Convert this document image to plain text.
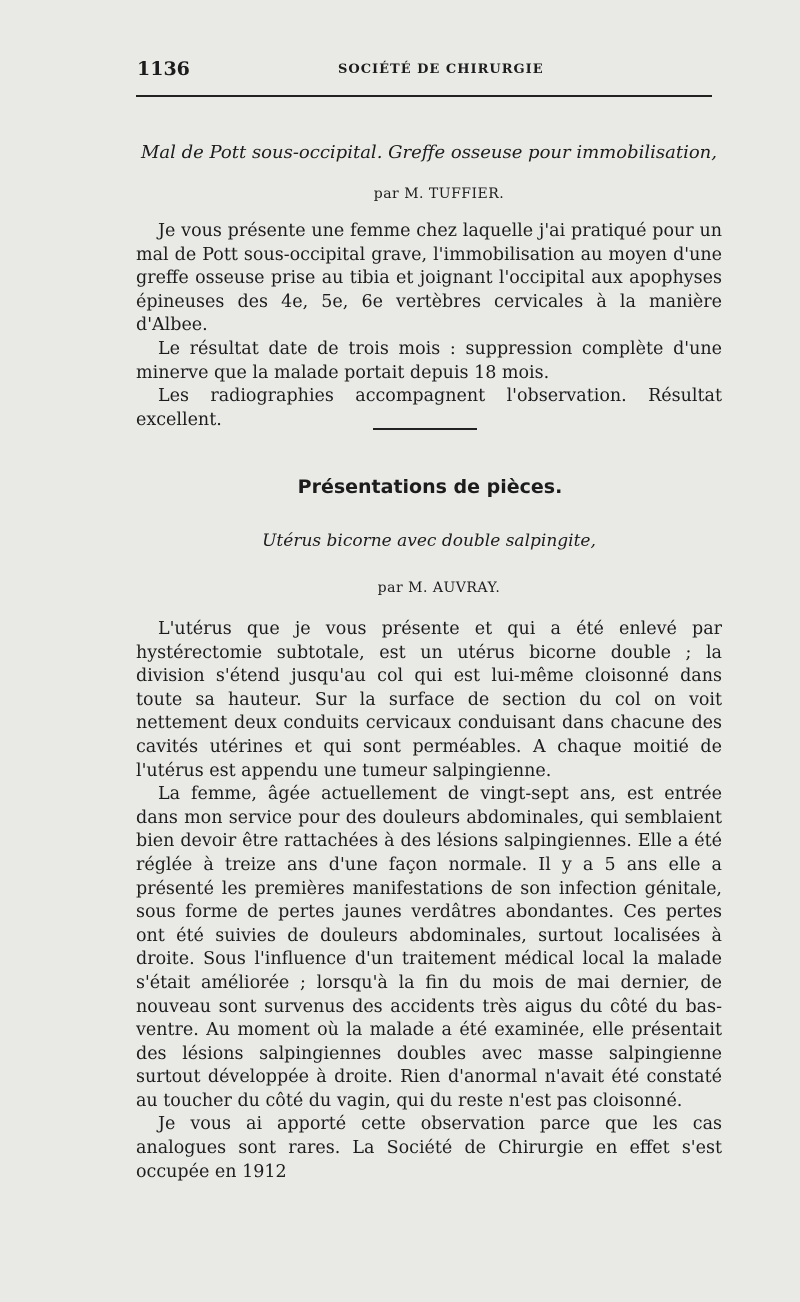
1136	SOCIÉTÉ DE CHIRURGIE

Mal de Pott sous-occipital. Greffe osseuse pour immobilisation,

par M. TUFFIER.

Je vous présente une femme chez laquelle j'ai pratiqué pour un mal de Pott sous-occipital grave, l'immobilisation au moyen d'une greffe osseuse prise au tibia et joignant l'occipital aux apophyses épineuses des 4e, 5e, 6e vertèbres cervicales à la manière d'Albee.

Le résultat date de trois mois : suppression complète d'une minerve que la malade portait depuis 18 mois.

Les radiographies accompagnent l'observation. Résultat excellent.

Présentations de pièces.

Utérus bicorne avec double salpingite,

par M. AUVRAY.

L'utérus que je vous présente et qui a été enlevé par hystérectomie subtotale, est un utérus bicorne double ; la division s'étend jusqu'au col qui est lui-même cloisonné dans toute sa hauteur. Sur la surface de section du col on voit nettement deux conduits cervicaux conduisant dans chacune des cavités utérines et qui sont perméables. A chaque moitié de l'utérus est appendu une tumeur salpingienne.

La femme, âgée actuellement de vingt-sept ans, est entrée dans mon service pour des douleurs abdominales, qui semblaient bien devoir être rattachées à des lésions salpingiennes. Elle a été réglée à treize ans d'une façon normale. Il y a 5 ans elle a présenté les premières manifestations de son infection génitale, sous forme de pertes jaunes verdâtres abondantes. Ces pertes ont été suivies de douleurs abdominales, surtout localisées à droite. Sous l'influence d'un traitement médical local la malade s'était améliorée ; lorsqu'à la fin du mois de mai dernier, de nouveau sont survenus des accidents très aigus du côté du bas-ventre. Au moment où la malade a été examinée, elle présentait des lésions salpingiennes doubles avec masse salpingienne surtout développée à droite. Rien d'anormal n'avait été constaté au toucher du côté du vagin, qui du reste n'est pas cloisonné.

Je vous ai apporté cette observation parce que les cas analogues sont rares. La Société de Chirurgie en effet s'est occupée en 1912
